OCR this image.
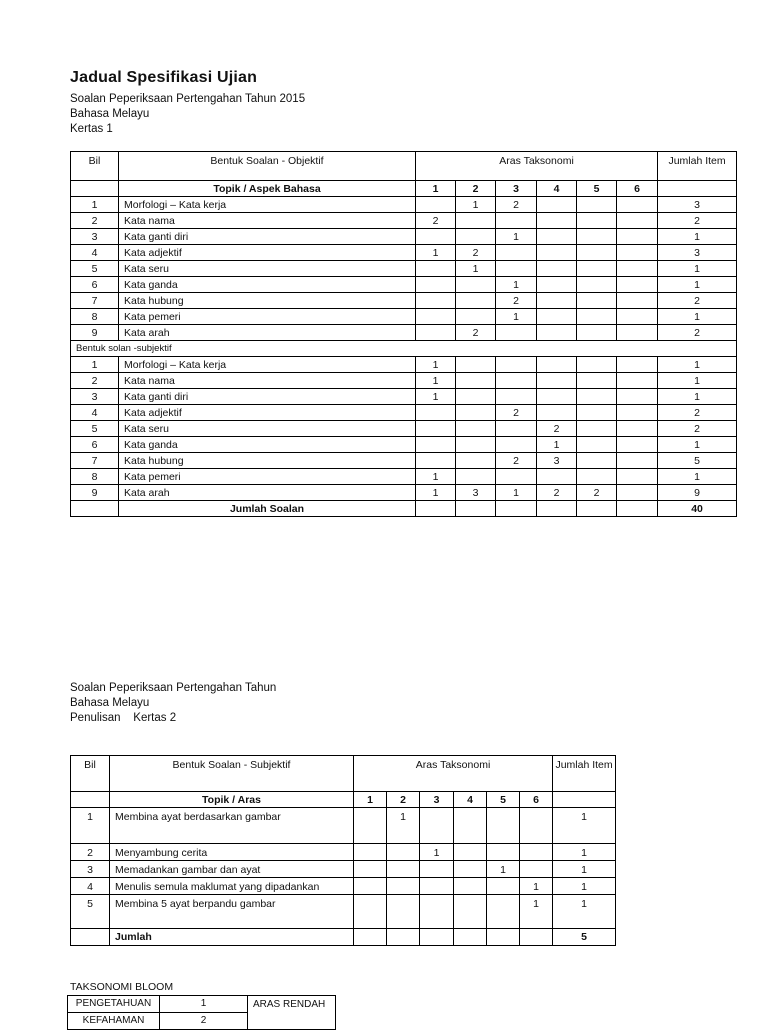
Jadual Spesifikasi Ujian
Soalan Peperiksaan Pertengahan Tahun 2015
Bahasa Melayu
Kertas 1
Bil	Bentuk Soalan - Objektif	Aras Taksonomi						Jumlah Item
	Topik / Aspek Bahasa	1	2	3	4	5	6	
1	Morfologi – Kata kerja		1	2				3
2	Kata nama	2						2
3	Kata ganti diri			1				1
4	Kata adjektif	1	2					3
5	Kata seru		1					1
6	Kata ganda			1				1
7	Kata hubung			2				2
8	Kata pemeri			1				1
9	Kata arah		2					2
Bentuk solan -subjektif								
1	Morfologi – Kata kerja	1						1
2	Kata nama	1						1
3	Kata ganti diri	1						1
4	Kata adjektif			2				2
5	Kata seru				2			2
6	Kata ganda				1			1
7	Kata hubung			2	3			5
8	Kata pemeri	1						1
9	Kata arah	1	3	1	2	2		9
	Jumlah Soalan							40
Soalan Peperiksaan Pertengahan Tahun
Bahasa Melayu
Penulisan    Kertas 2
Bil	Bentuk Soalan - Subjektif	Aras Taksonomi						Jumlah Item
	Topik / Aras	1	2	3	4	5	6	
1	Membina ayat berdasarkan gambar		1					1
2	Menyambung cerita			1				1
3	Memadankan gambar dan ayat					1		1
4	Menulis semula maklumat yang dipadankan						1	1
5	Membina 5 ayat berpandu gambar						1	1
	Jumlah							5
TAKSONOMI BLOOM
PENGETAHUAN	1	ARAS RENDAH
KEFAHAMAN	2	
